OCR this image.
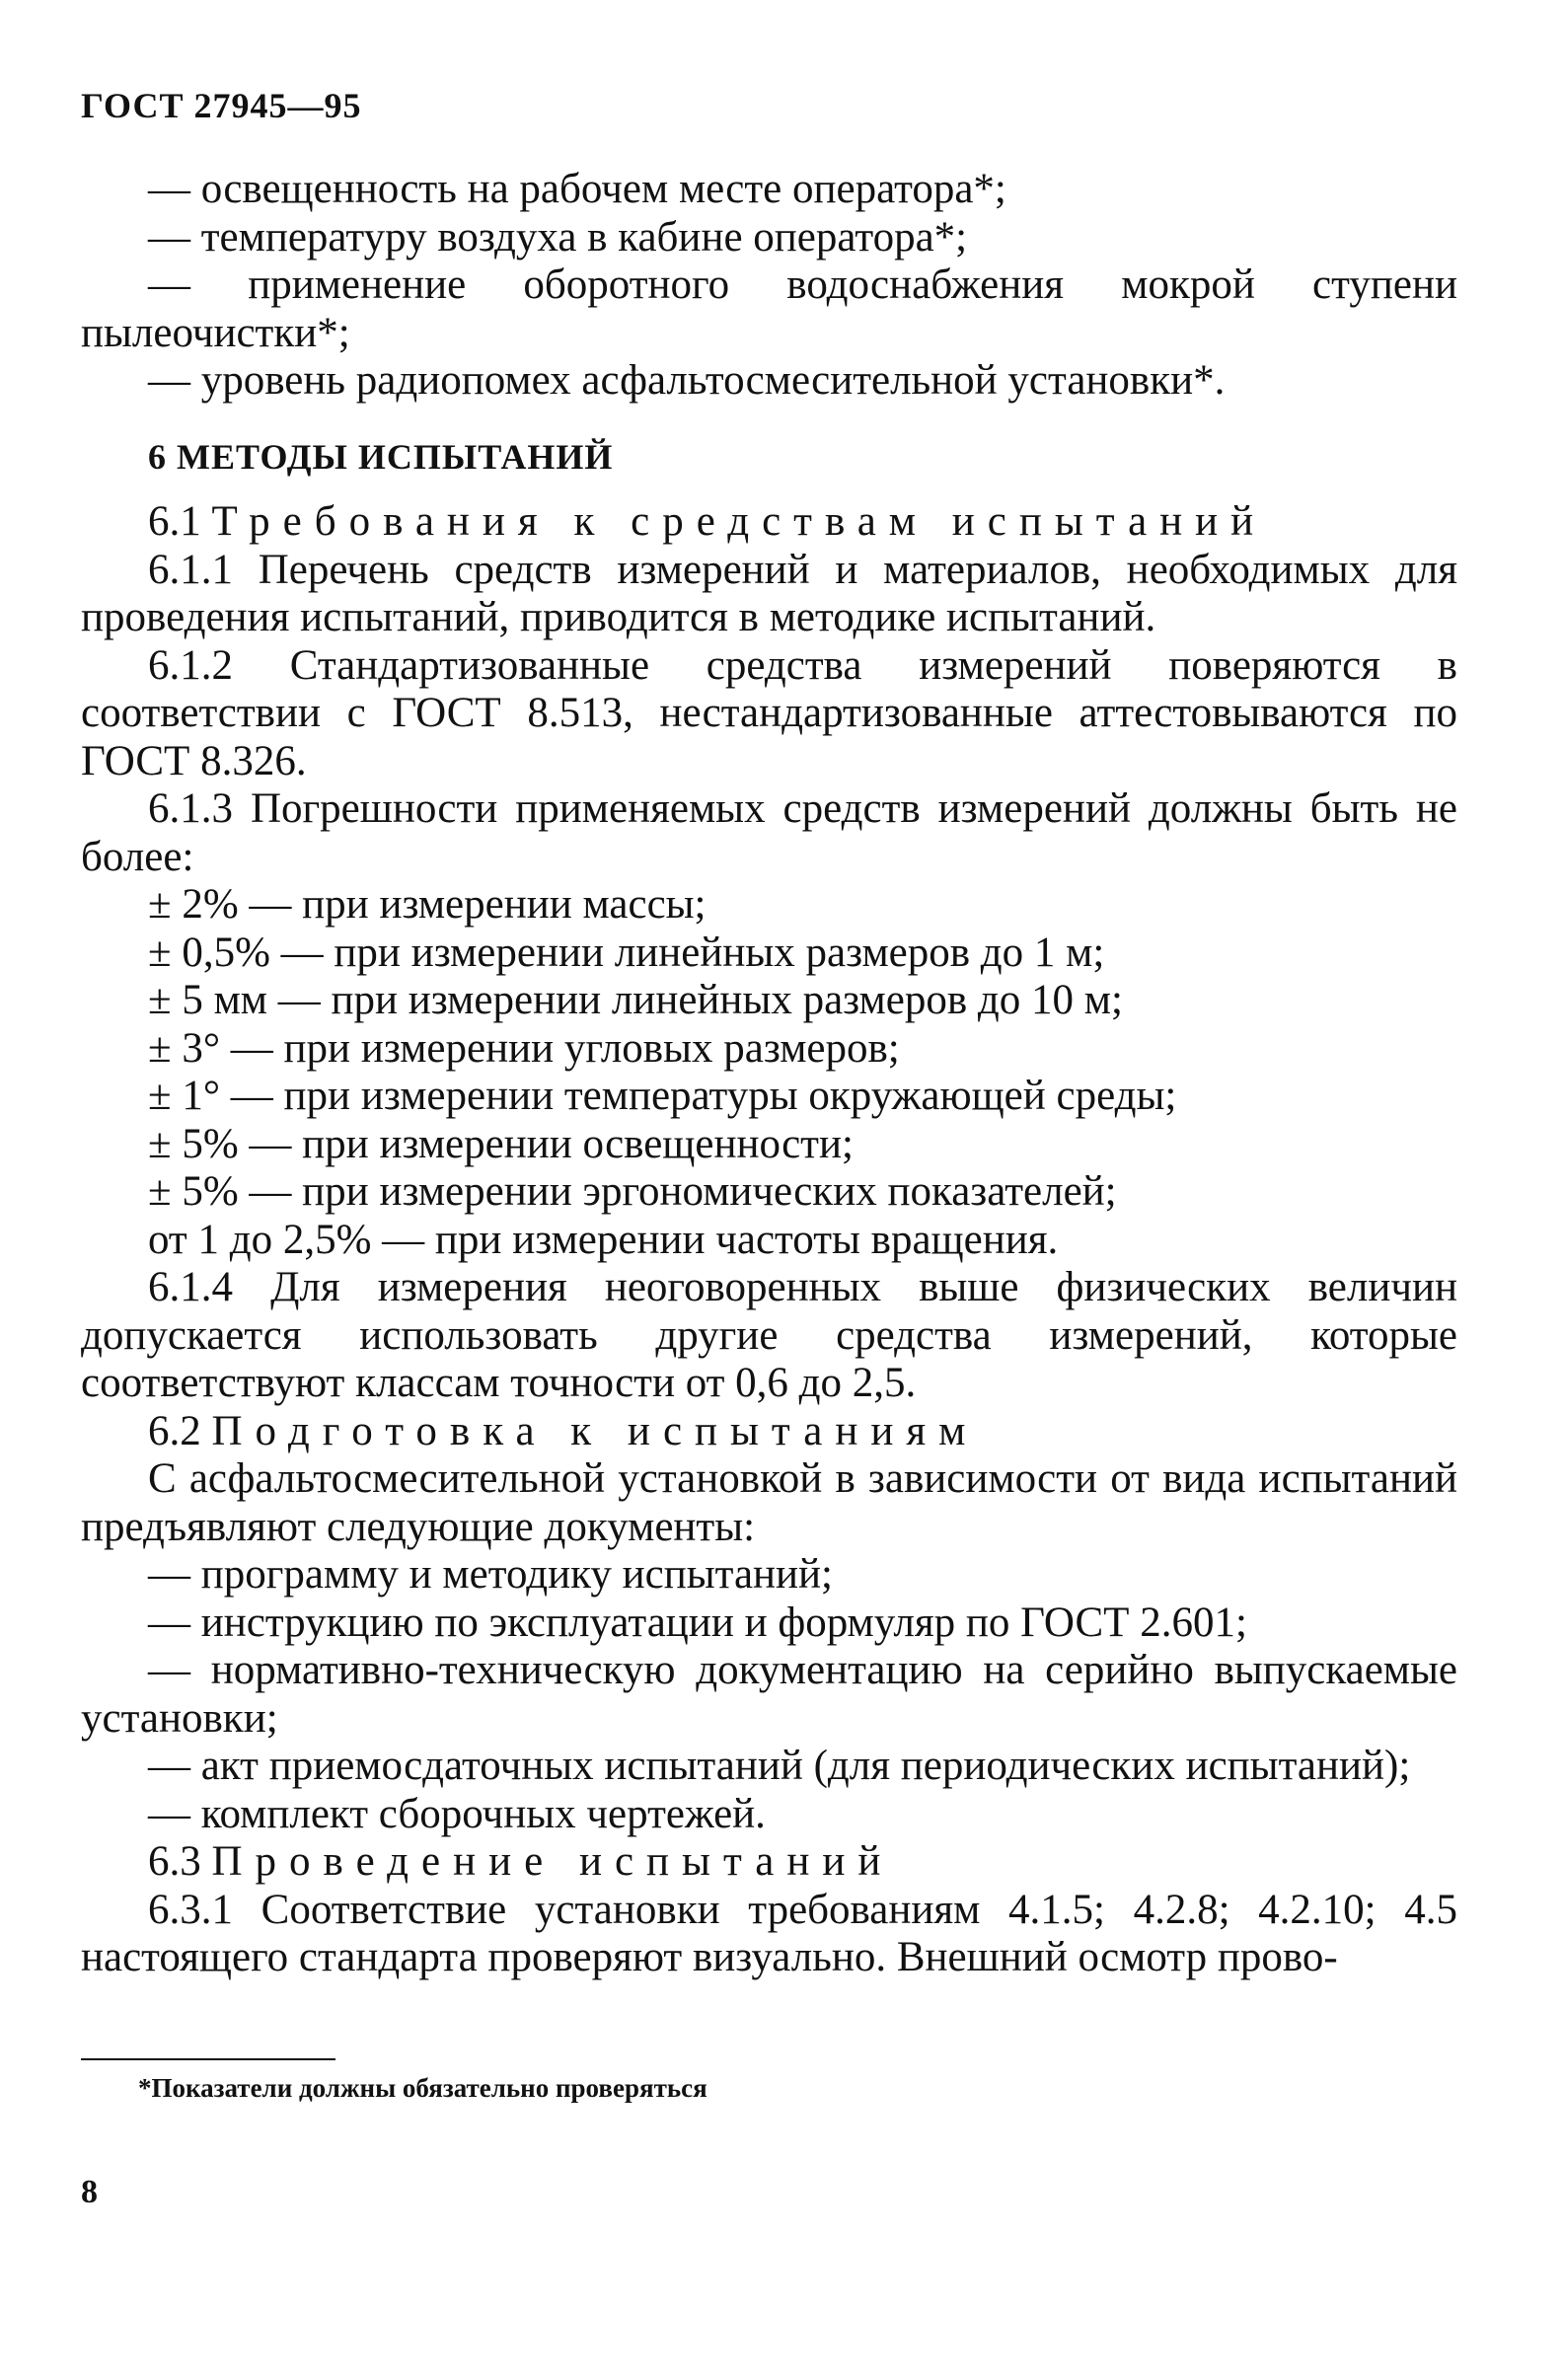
ГОСТ 27945—95

— освещенность на рабочем месте оператора*;

— температуру воздуха в кабине оператора*;

— применение оборотного водоснабжения мокрой ступени пылеочистки*;

— уровень радиопомех асфальтосмесительной установки*.

6 МЕТОДЫ ИСПЫТАНИЙ

6.1 Требования к средствам испытаний

6.1.1 Перечень средств измерений и материалов, необходимых для проведения испытаний, приводится в методике испытаний.

6.1.2 Стандартизованные средства измерений поверяются в соответствии с ГОСТ 8.513, нестандартизованные аттестовываются по ГОСТ 8.326.

6.1.3 Погрешности применяемых средств измерений должны быть не более:

± 2% — при измерении массы;

± 0,5% — при измерении линейных размеров до 1 м;

± 5 мм — при измерении линейных размеров до 10 м;

± 3° — при измерении угловых размеров;

± 1° — при измерении температуры окружающей среды;

± 5% — при измерении освещенности;

± 5% — при измерении эргономических показателей;

от 1 до 2,5% — при измерении частоты вращения.

6.1.4 Для измерения неоговоренных выше физических величин допускается использовать другие средства измерений, которые соответствуют классам точности от 0,6 до 2,5.

6.2 Подготовка к испытаниям

С асфальтосмесительной установкой в зависимости от вида испытаний предъявляют следующие документы:

— программу и методику испытаний;

— инструкцию по эксплуатации и формуляр по ГОСТ 2.601;

— нормативно-техническую документацию на серийно выпускаемые установки;

— акт приемосдаточных испытаний (для периодических испытаний);

— комплект сборочных чертежей.

6.3 Проведение испытаний

6.3.1 Соответствие установки требованиям 4.1.5; 4.2.8; 4.2.10; 4.5 настоящего стандарта проверяют визуально. Внешний осмотр прово-

*Показатели должны обязательно проверяться
8
